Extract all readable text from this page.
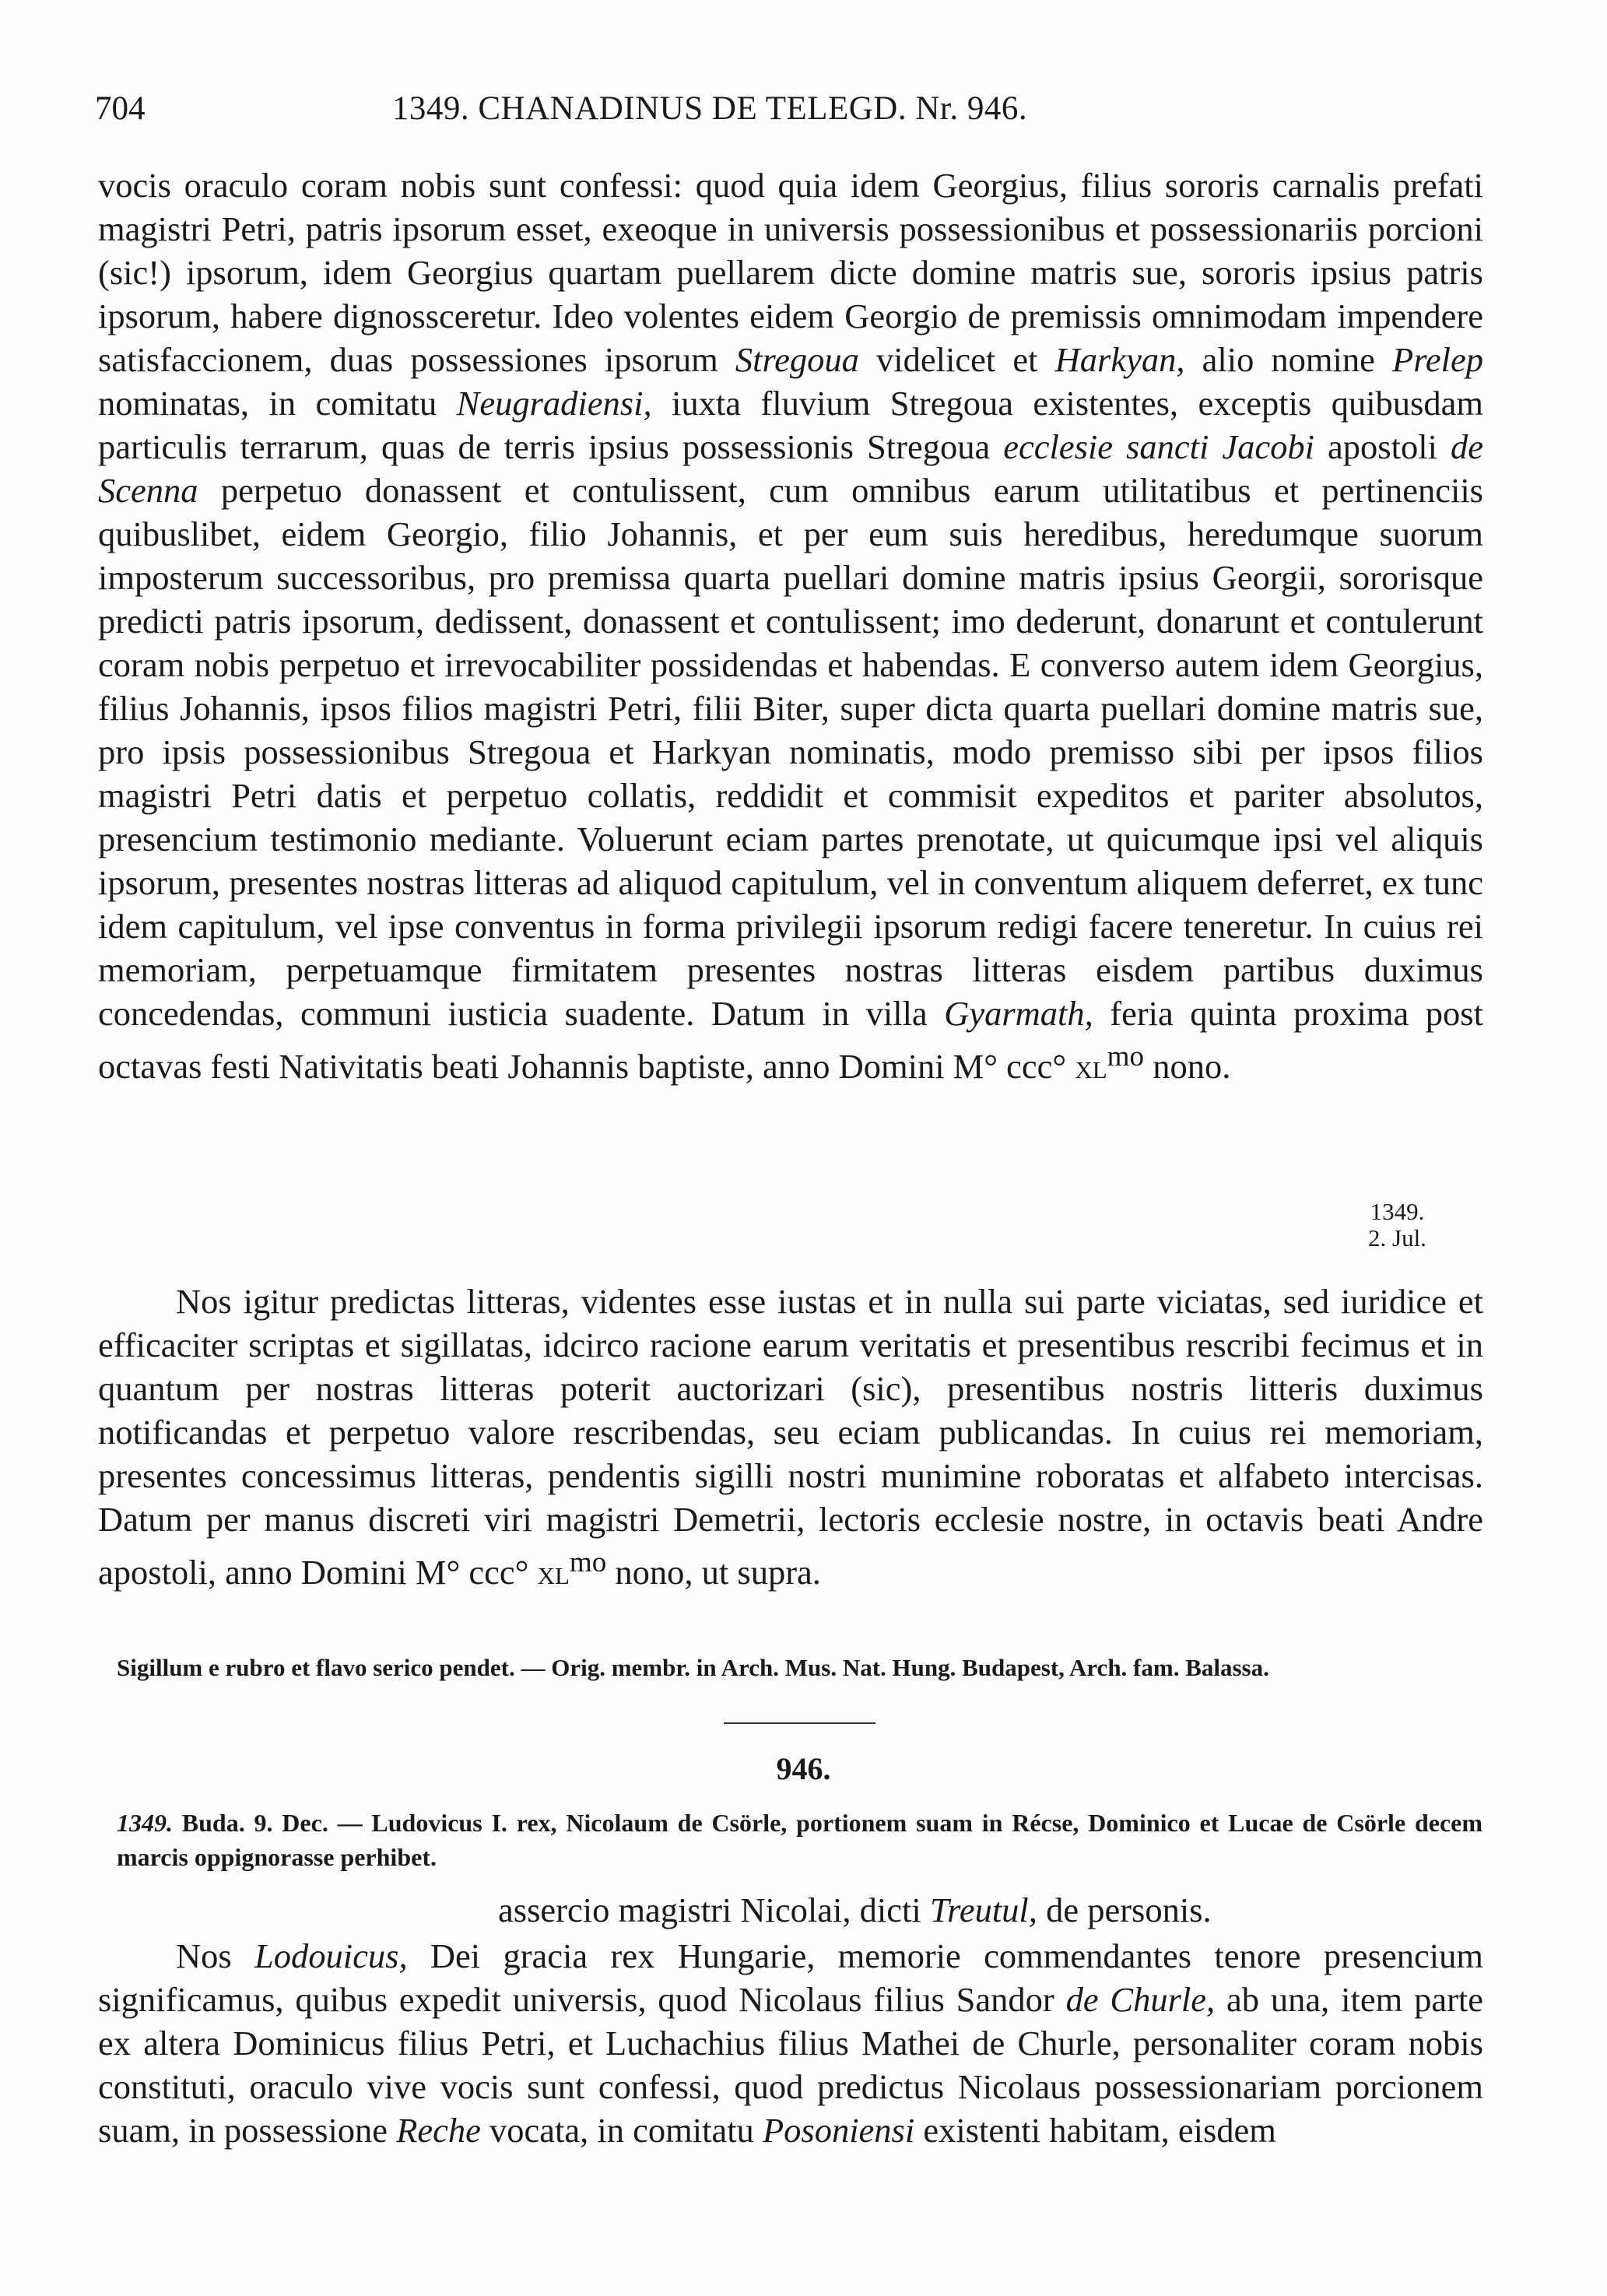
704	1349. CHANADINUS DE TELEGD. Nr. 946.

vocis oraculo coram nobis sunt confessi: quod quia idem Georgius, filius sororis carnalis prefati magistri Petri, patris ipsorum esset, exeoque in universis possessionibus et possessionariis porcioni (sic!) ipsorum, idem Georgius quartam puellarem dicte domine matris sue, sororis ipsius patris ipsorum, habere dignossceretur. Ideo volentes eidem Georgio de premissis omnimodam impendere satisfaccionem, duas possessiones ipsorum Stregoua videlicet et Harkyan, alio nomine Prelep nominatas, in comitatu Neugradiensi, iuxta fluvium Stregoua existentes, exceptis quibusdam particulis terrarum, quas de terris ipsius possessionis Stregoua ecclesie sancti Jacobi apostoli de Scenna perpetuo donassent et contulissent, cum omnibus earum utilitatibus et pertinenciis quibuslibet, eidem Georgio, filio Johannis, et per eum suis heredibus, heredumque suorum imposterum successoribus, pro premissa quarta puellari domine matris ipsius Georgii, sororisque predicti patris ipsorum, dedissent, donassent et contulissent; imo dederunt, donarunt et contulerunt coram nobis perpetuo et irrevocabiliter possidendas et habendas. E converso autem idem Georgius, filius Johannis, ipsos filios magistri Petri, filii Biter, super dicta quarta puellari domine matris sue, pro ipsis possessionibus Stregoua et Harkyan nominatis, modo premisso sibi per ipsos filios magistri Petri datis et perpetuo collatis, reddidit et commisit expeditos et pariter absolutos, presencium testimonio mediante. Voluerunt eciam partes prenotate, ut quicumque ipsi vel aliquis ipsorum, presentes nostras litteras ad aliquod capitulum, vel in conventum aliquem deferret, ex tunc idem capitulum, vel ipse conventus in forma privilegii ipsorum redigi facere teneretur. In cuius rei memoriam, perpetuamque firmitatem presentes nostras litteras eisdem partibus duximus concedendas, communi iusticia suadente. Datum in villa Gyarmath, feria quinta proxima post octavas festi Nativitatis beati Johannis baptiste, anno Domini M° ccc° $xl^{mo}$ nono.

1349.
2. Jul.

Nos igitur predictas litteras, videntes esse iustas et in nulla sui parte viciatas, sed iuridice et efficaciter scriptas et sigillatas, idcirco racione earum veritatis et presentibus rescribi fecimus et in quantum per nostras litteras poterit auctorizari (sic), presentibus nostris litteris duximus notificandas et perpetuo valore rescribendas, seu eciam publicandas. In cuius rei memoriam, presentes concessimus litteras, pendentis sigilli nostri munimine roboratas et alfabeto intercisas. Datum per manus discreti viri magistri Demetrii, lectoris ecclesie nostre, in octavis beati Andre apostoli, anno Domini M° ccc° $xl^{mo}$ nono, ut supra.

Sigillum e rubro et flavo serico pendet. — Orig. membr. in Arch. Mus. Nat. Hung. Budapest, Arch. fam. Balassa.
946.
1349. Buda. 9. Dec. — Ludovicus I. rex, Nicolaum de Csörle, portionem suam in Récse, Dominico et Lucae de Csörle decem marcis oppignorasse perhibet.
assercio magistri Nicolai, dicti Treutul, de personis.

Nos Lodouicus, Dei gracia rex Hungarie, memorie commendantes tenore presencium significamus, quibus expedit universis, quod Nicolaus filius Sandor de Churle, ab una, item parte ex altera Dominicus filius Petri, et Luchachius filius Mathei de Churle, personaliter coram nobis constituti, oraculo vive vocis sunt confessi, quod predictus Nicolaus possessionariam porcionem suam, in possessione Reche vocata, in comitatu Posoniensi existenti habitam, eisdem
